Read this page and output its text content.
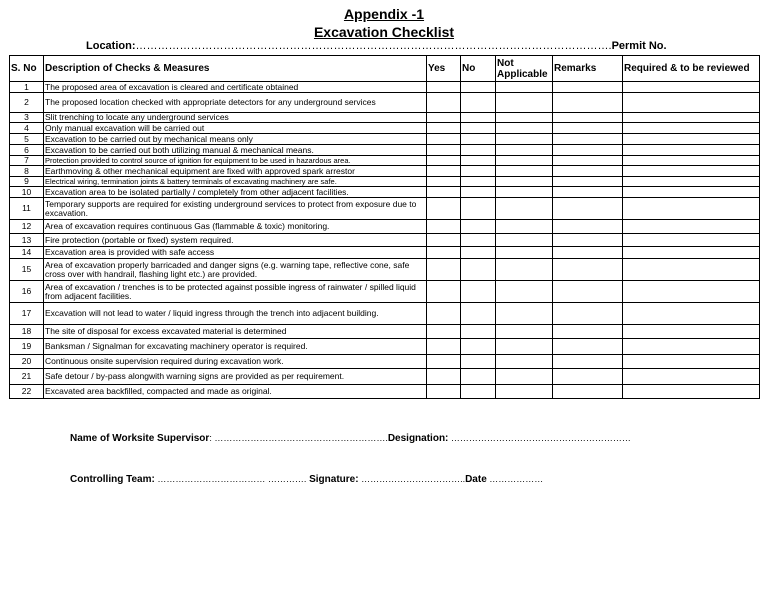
Appendix -1
Excavation Checklist
Location:………………………………………………………………………………………………………………….Permit No.
S. No	Description of Checks & Measures	Yes	No	Not Applicable	Remarks	Required & to be reviewed
1	The proposed area of excavation is cleared and certificate obtained					
2	The proposed location checked with appropriate detectors for any underground services					
3	Slit trenching to locate any underground services					
4	Only manual excavation will be carried out					
5	Excavation to be carried out by mechanical means only					
6	Excavation to be carried out both utilizing manual & mechanical means.					
7	Protection provided to control source of ignition for equipment to be used in hazardous area.					
8	Earthmoving & other mechanical equipment are fixed with approved spark arrestor					
9	Electrical wiring, termination joints & battery terminals of excavating machinery are safe.					
10	Excavation area to be isolated partially / completely from other adjacent facilities.					
11	Temporary supports are required for existing underground services to protect from exposure due to excavation.					
12	Area of excavation requires continuous Gas (flammable & toxic) monitoring.					
13	Fire protection (portable or fixed) system required.					
14	Excavation area is provided with safe access					
15	Area of excavation properly barricaded and danger signs (e.g. warning tape, reflective cone, safe cross over with handrail, flashing light etc.) are provided.					
16	Area of excavation / trenches is to be protected against possible ingress of rainwater / spilled liquid from adjacent facilities.					
17	Excavation will not lead to water / liquid ingress through the trench into adjacent building.					
18	The site of disposal for excess excavated material is determined					
19	Banksman / Signalman for excavating machinery operator is required.					
20	Continuous onsite supervision required during excavation work.					
21	Safe detour / by-pass alongwith warning signs are provided as per requirement.					
22	Excavated area backfilled, compacted and made as original.					
Name of Worksite Supervisor: ………………………………………………….Designation: ……………………………………………………
Controlling Team: ……………………………… …………. Signature: ……………………………..Date ………………
